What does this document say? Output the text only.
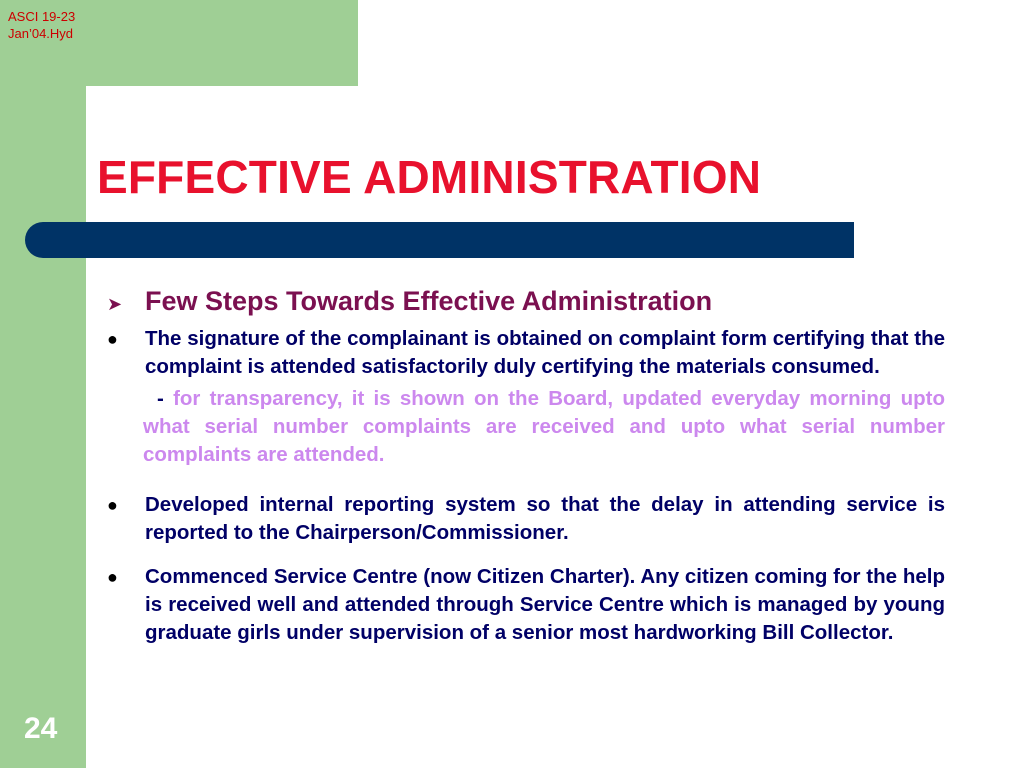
ASCI 19-23
Jan’04.Hyd
24
EFFECTIVE ADMINISTRATION
➤ Few Steps Towards Effective Administration
●	The signature of the complainant is obtained on complaint form certifying that the complaint is attended satisfactorily duly certifying the materials consumed.
- for transparency, it is shown on the Board, updated everyday morning upto what serial number complaints are received and upto what serial number complaints are attended.
●	Developed internal reporting system so that the delay in attending service is reported to the Chairperson/Commissioner.
●	Commenced Service Centre (now Citizen Charter). Any citizen coming for the help is received well and attended through Service Centre which is managed by young graduate girls under supervision of a senior most hardworking Bill Collector.
